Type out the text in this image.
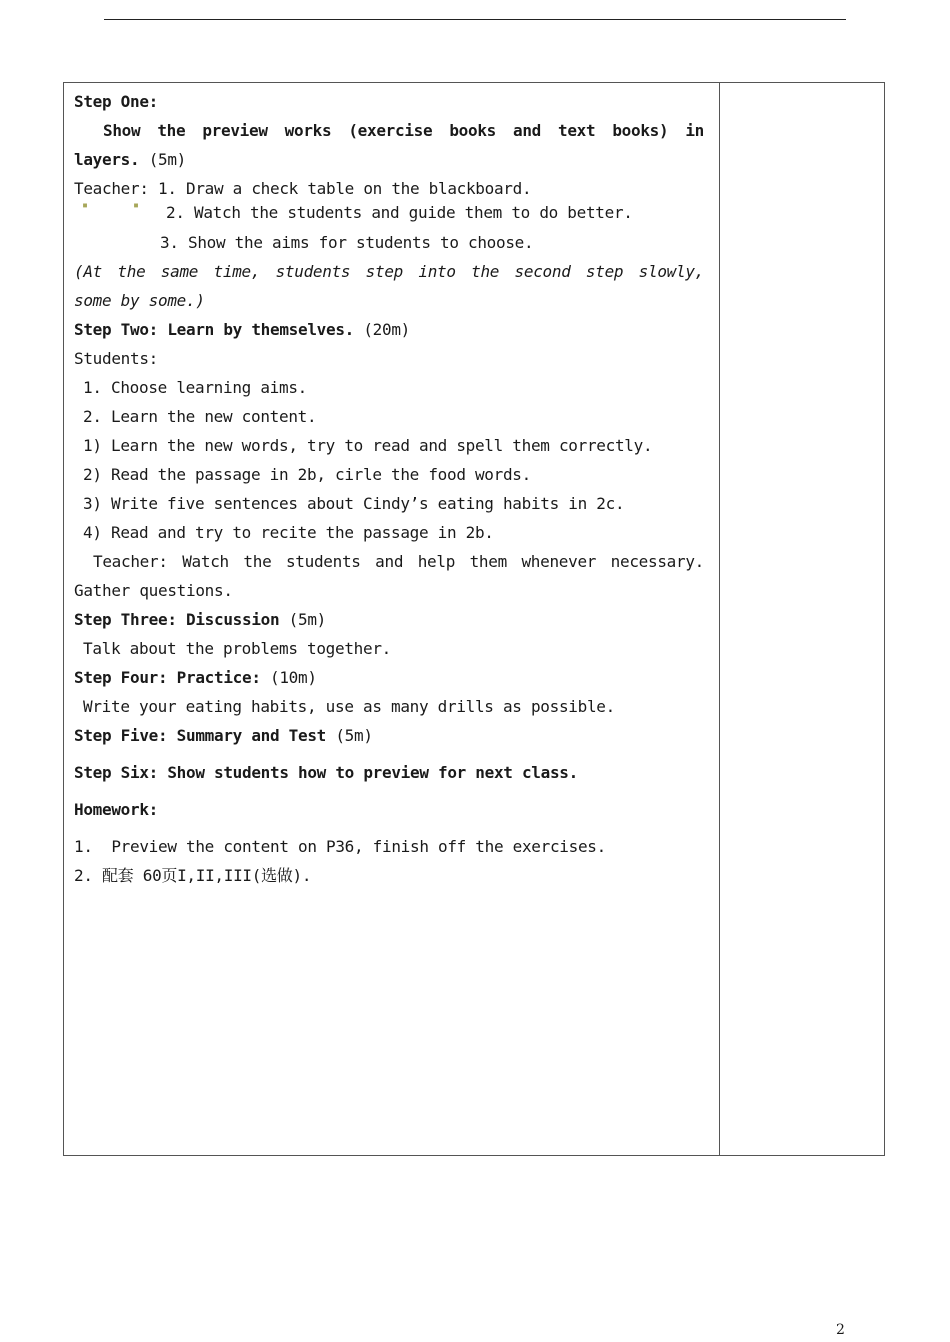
Step One:
Show the preview works (exercise books and text books) in
layers. (5m)
Teacher: 1. Draw a check table on the blackboard.
2. Watch the students and guide them to do better.
3. Show the aims for students to choose.
(At the same time, students step into the second step slowly,
some by some.)
Step Two: Learn by themselves. (20m)
Students:
1. Choose learning aims.
2. Learn the new content.
1) Learn the new words, try to read and spell them correctly.
2) Read the passage in 2b, cirle the food words.
3) Write five sentences about Cindy’s eating habits in 2c.
4) Read and try to recite the passage in 2b.
Teacher: Watch the students and help them whenever necessary.
Gather questions.
Step Three: Discussion (5m)
Talk about the problems together.
Step Four: Practice: (10m)
Write your eating habits, use as many drills as possible.
Step Five: Summary and Test (5m)
Step Six: Show students how to preview for next class.
Homework:
1.  Preview the content on P36, finish off the exercises.
2. 配套 60页I,II,III(选做).
▪	▪
2
